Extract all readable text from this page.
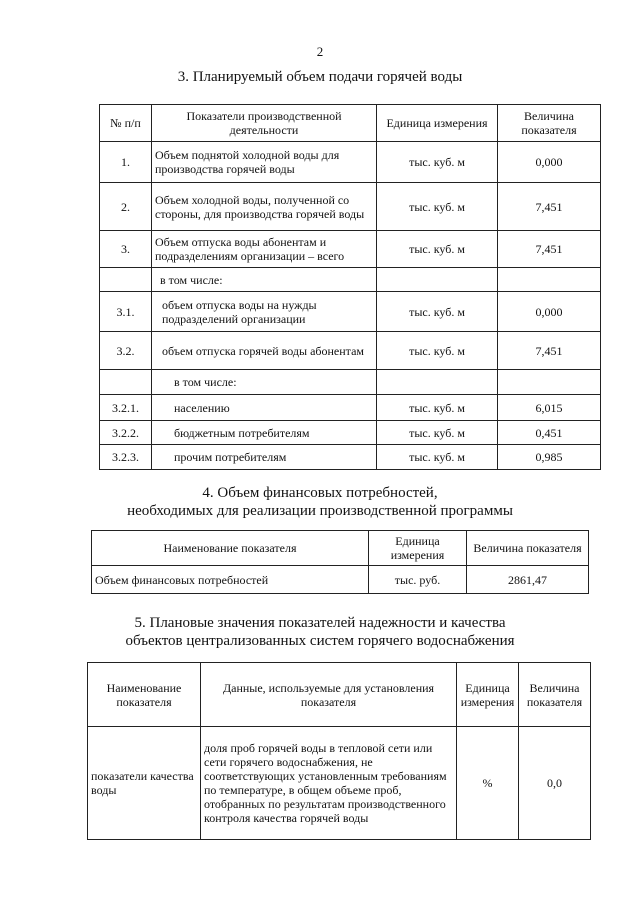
2
3. Планируемый объем подачи горячей воды
№ п/п	Показатели производственной деятельности	Единица измерения	Величина показателя
1.	Объем поднятой холодной воды для производства горячей воды	тыс. куб. м	0,000
2.	Объем холодной воды, полученной со стороны, для производства горячей воды	тыс. куб. м	7,451
3.	Объем отпуска воды абонентам и подразделениям организации – всего	тыс. куб. м	7,451
	в том числе:		
3.1.	объем отпуска воды на нужды подразделений организации	тыс. куб. м	0,000
3.2.	объем отпуска горячей воды абонентам	тыс. куб. м	7,451
	в том числе:		
3.2.1.	населению	тыс. куб. м	6,015
3.2.2.	бюджетным потребителям	тыс. куб. м	0,451
3.2.3.	прочим потребителям	тыс. куб. м	0,985
4. Объем финансовых потребностей,
необходимых для реализации производственной программы
Наименование показателя	Единица измерения	Величина показателя
Объем финансовых потребностей	тыс. руб.	2861,47
5. Плановые значения показателей надежности и качества
объектов централизованных систем горячего водоснабжения
Наименование показателя	Данные, используемые для установления показателя	Единица измерения	Величина показателя
показатели качества воды	доля проб горячей воды в тепловой сети или сети горячего водоснабжения, не соответствующих установленным требованиям по температуре, в общем объеме проб, отобранных по результатам производственного контроля качества горячей воды	%	0,0
